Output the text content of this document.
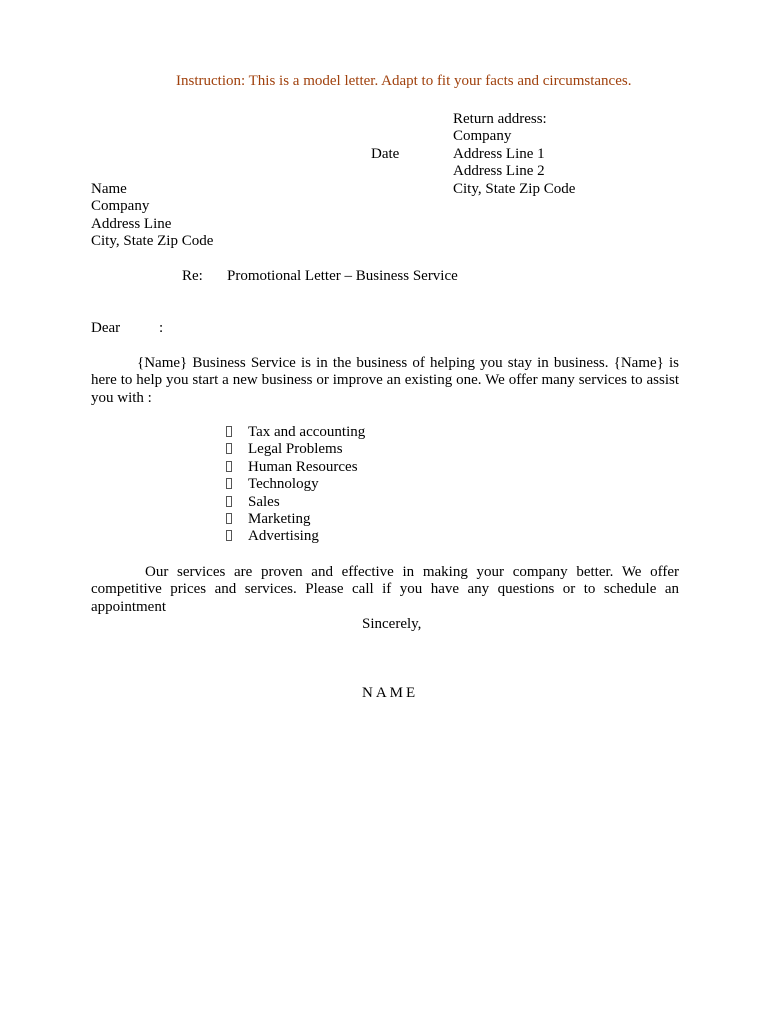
Instruction: This is a model letter. Adapt to fit your facts and circumstances.
Return address:
Company
Address Line 1
Address Line 2
City, State Zip Code
Date
Name
Company
Address Line
City, State Zip Code
Re: Promotional Letter – Business Service
Dear	:
{Name} Business Service is in the business of helping you stay in business. {Name} is here to help you start a new business or improve an existing one. We offer many services to assist you with :
Tax and accounting
Legal Problems
Human Resources
Technology
Sales
Marketing
Advertising
Our services are proven and effective in making your company better. We offer competitive prices and services. Please call if you have any questions or to schedule an appointment
Sincerely,
NAME
